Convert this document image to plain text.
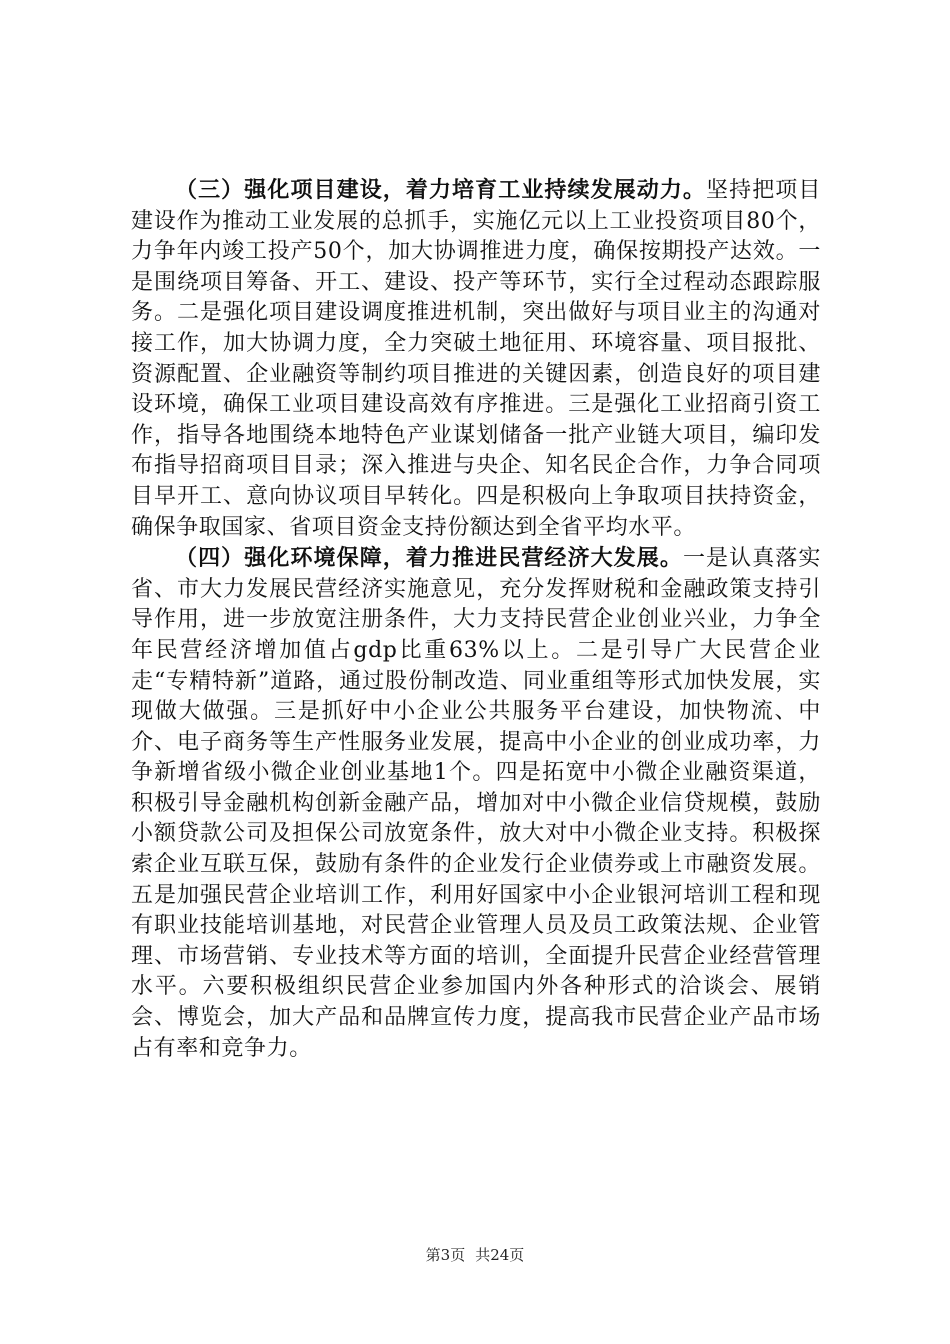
（三）强化项目建设，着力培育工业持续发展动力。坚持把项目建设作为推动工业发展的总抓手，实施亿元以上工业投资项目80个，力争年内竣工投产50个，加大协调推进力度，确保按期投产达效。一是围绕项目筹备、开工、建设、投产等环节，实行全过程动态跟踪服务。二是强化项目建设调度推进机制，突出做好与项目业主的沟通对接工作，加大协调力度，全力突破土地征用、环境容量、项目报批、资源配置、企业融资等制约项目推进的关键因素，创造良好的项目建设环境，确保工业项目建设高效有序推进。三是强化工业招商引资工作，指导各地围绕本地特色产业谋划储备一批产业链大项目，编印发布指导招商项目目录；深入推进与央企、知名民企合作，力争合同项目早开工、意向协议项目早转化。四是积极向上争取项目扶持资金，确保争取国家、省项目资金支持份额达到全省平均水平。

（四）强化环境保障，着力推进民营经济大发展。一是认真落实省、市大力发展民营经济实施意见，充分发挥财税和金融政策支持引导作用，进一步放宽注册条件，大力支持民营企业创业兴业，力争全年民营经济增加值占gdp比重63%以上。二是引导广大民营企业走“专精特新”道路，通过股份制改造、同业重组等形式加快发展，实现做大做强。三是抓好中小企业公共服务平台建设，加快物流、中介、电子商务等生产性服务业发展，提高中小企业的创业成功率，力争新增省级小微企业创业基地1个。四是拓宽中小微企业融资渠道，积极引导金融机构创新金融产品，增加对中小微企业信贷规模，鼓励小额贷款公司及担保公司放宽条件，放大对中小微企业支持。积极探索企业互联互保，鼓励有条件的企业发行企业债券或上市融资发展。五是加强民营企业培训工作，利用好国家中小企业银河培训工程和现有职业技能培训基地，对民营企业管理人员及员工政策法规、企业管理、市场营销、专业技术等方面的培训，全面提升民营企业经营管理水平。六要积极组织民营企业参加国内外各种形式的洽谈会、展销会、博览会，加大产品和品牌宣传力度，提高我市民营企业产品市场占有率和竞争力。

第3页 共24页
